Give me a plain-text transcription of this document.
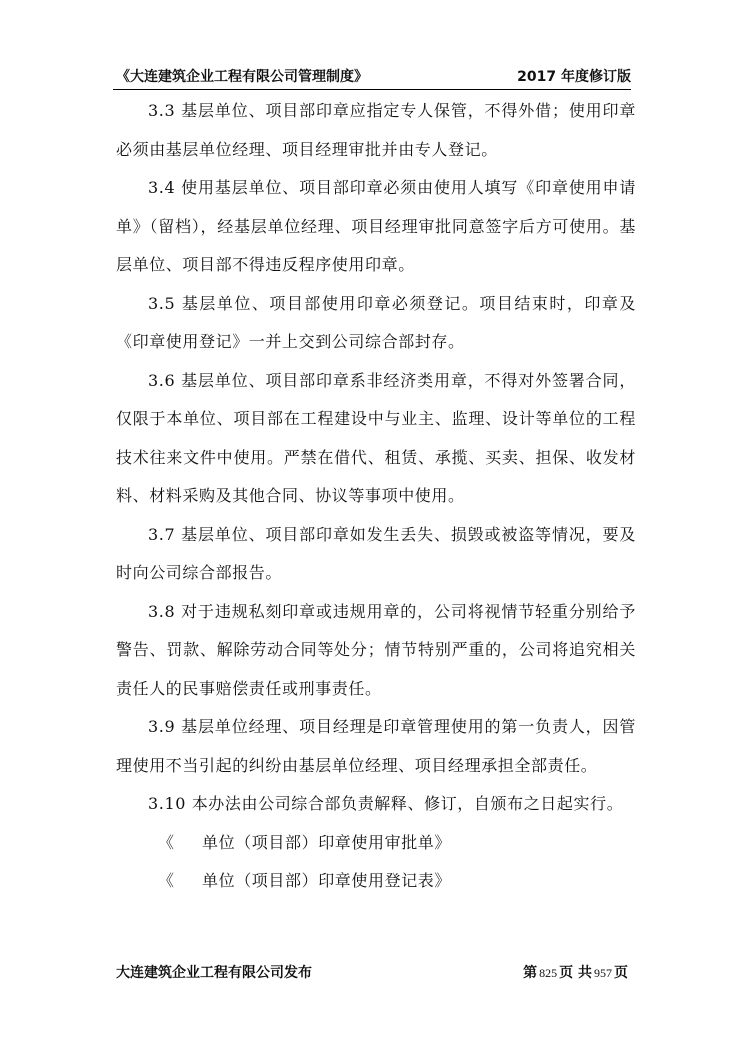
《大连建筑企业工程有限公司管理制度》	2017 年度修订版

3.3 基层单位、项目部印章应指定专人保管，不得外借；使用印章必须由基层单位经理、项目经理审批并由专人登记。

3.4 使用基层单位、项目部印章必须由使用人填写《印章使用申请单》（留档），经基层单位经理、项目经理审批同意签字后方可使用。基层单位、项目部不得违反程序使用印章。

3.5 基层单位、项目部使用印章必须登记。项目结束时，印章及《印章使用登记》一并上交到公司综合部封存。

3.6 基层单位、项目部印章系非经济类用章，不得对外签署合同，仅限于本单位、项目部在工程建设中与业主、监理、设计等单位的工程技术往来文件中使用。严禁在借代、租赁、承揽、买卖、担保、收发材料、材料采购及其他合同、协议等事项中使用。

3.7 基层单位、项目部印章如发生丢失、损毁或被盗等情况，要及时向公司综合部报告。

3.8 对于违规私刻印章或违规用章的，公司将视情节轻重分别给予警告、罚款、解除劳动合同等处分；情节特别严重的，公司将追究相关责任人的民事赔偿责任或刑事责任。

3.9 基层单位经理、项目经理是印章管理使用的第一负责人，因管理使用不当引起的纠纷由基层单位经理、项目经理承担全部责任。

3.10 本办法由公司综合部负责解释、修订，自颁布之日起实行。

《 单位（项目部）印章使用审批单》

《 单位（项目部）印章使用登记表》

大连建筑企业工程有限公司发布	第 825 页 共 957 页
